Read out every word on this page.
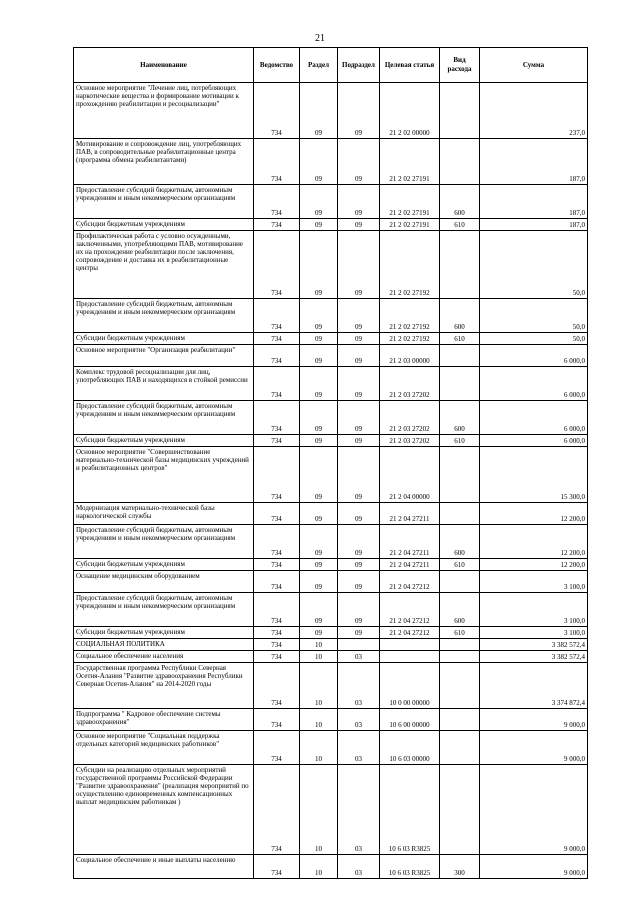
21
Наименование	Ведомство	Раздел	Подраздел	Целевая статья	Вид расхода	Сумма
Основное мероприятие "Лечение лиц, потребляющих наркотические вещества и формирование мотивации к прохождению реабилитации и ресоциализации"	734	09	09	21 2 02 00000		237,0
Мотивирование и сопровождение лиц, употребляющих ПАВ, в сопроводительные реабилитационные центра (программа обмена реабилитантами)	734	09	09	21 2 02 27191		187,0
Предоставление субсидий бюджетным, автономным учреждениям и иным некоммерческим организациям	734	09	09	21 2 02 27191	600	187,0
Субсидии бюджетным учреждениям	734	09	09	21 2 02 27191	610	187,0
Профилактическая работа с условно осужденными, заключенными, употребляющими ПАВ, мотивирование их на прохождение реабилитации после заключения, сопровождение и доставка их в реабилитационные центры	734	09	09	21 2 02 27192		50,0
Предоставление субсидий бюджетным, автономным учреждениям и иным некоммерческим организациям	734	09	09	21 2 02 27192	600	50,0
Субсидии бюджетным учреждениям	734	09	09	21 2 02 27192	610	50,0
Основное мероприятие "Организация реабилитации"	734	09	09	21 2 03 00000		6 000,0
Комплекс трудовой ресоциализации для лиц, употребляющих ПАВ и находящихся в стойкой ремиссии	734	09	09	21 2 03 27202		6 000,0
Предоставление субсидий бюджетным, автономным учреждениям и иным некоммерческим организациям	734	09	09	21 2 03 27202	600	6 000,0
Субсидии бюджетным учреждениям	734	09	09	21 2 03 27202	610	6 000,0
Основное мероприятие "Совершенствование материально-технической базы медицинских учреждений и реабилитационных центров"	734	09	09	21 2 04 00000		15 300,0
Модернизация материально-технической базы наркологической службы	734	09	09	21 2 04 27211		12 200,0
Предоставление субсидий бюджетным, автономным учреждениям и иным некоммерческим организациям	734	09	09	21 2 04 27211	600	12 200,0
Субсидии бюджетным учреждениям	734	09	09	21 2 04 27211	610	12 200,0
Оснащение медицинским оборудованием	734	09	09	21 2 04 27212		3 100,0
Предоставление субсидий бюджетным, автономным учреждениям и иным некоммерческим организациям	734	09	09	21 2 04 27212	600	3 100,0
Субсидии бюджетным учреждениям	734	09	09	21 2 04 27212	610	3 100,0
СОЦИАЛЬНАЯ ПОЛИТИКА	734	10				3 382 572,4
Социальное обеспечение населения	734	10	03			3 382 572,4
Государственная программа Республики Северная Осетия-Алания "Развитие здравоохранения Республики Северная Осетия-Алания" на 2014-2020 годы	734	10	03	10 0 00 00000		3 374 872,4
Подпрограмма " Кадровое обеспечение системы здравоохранения"	734	10	03	10 6 00 00000		9 000,0
Основное мероприятие "Социальная поддержка отдельных категорий медицинских работников"	734	10	03	10 6 03 00000		9 000,0
Субсидии на реализацию отдельных мероприятий государственной программы Российской Федерации "Развитие здравоохранения" (реализация мероприятий по осуществлению единовременных компенсационных выплат медицинским работникам )	734	10	03	10 6 03 R3825		9 000,0
Социальное обеспечение и иные выплаты населению	734	10	03	10 6 03 R3825	300	9 000,0
